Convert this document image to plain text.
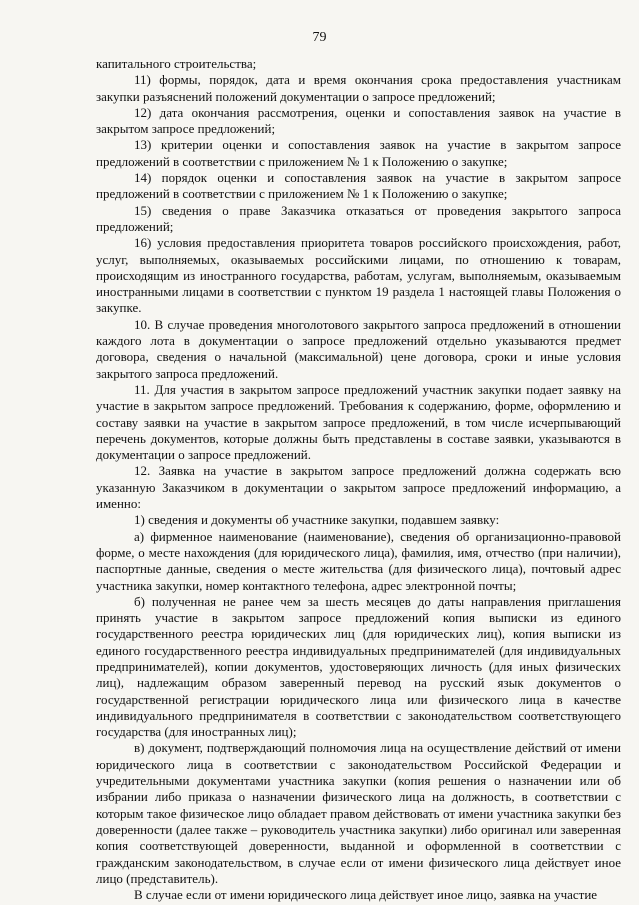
79

капитального строительства;

11) формы, порядок, дата и время окончания срока предоставления участникам закупки разъяснений положений документации о запросе предложений;

12) дата окончания рассмотрения, оценки и сопоставления заявок на участие в закрытом запросе предложений;

13) критерии оценки и сопоставления заявок на участие в закрытом запросе предложений в соответствии с приложением № 1 к Положению о закупке;

14) порядок оценки и сопоставления заявок на участие в закрытом запросе предложений в соответствии с приложением № 1 к Положению о закупке;

15) сведения о праве Заказчика отказаться от проведения закрытого запроса предложений;

16) условия предоставления приоритета товаров российского происхождения, работ, услуг, выполняемых, оказываемых российскими лицами, по отношению к товарам, происходящим из иностранного государства, работам, услугам, выполняемым, оказываемым иностранными лицами в соответствии с пунктом 19 раздела 1 настоящей главы Положения о закупке.

10. В случае проведения многолотового закрытого запроса предложений в отношении каждого лота в документации о запросе предложений отдельно указываются предмет договора, сведения о начальной (максимальной) цене договора, сроки и иные условия закрытого запроса предложений.

11. Для участия в закрытом запросе предложений участник закупки подает заявку на участие в закрытом запросе предложений. Требования к содержанию, форме, оформлению и составу заявки на участие в закрытом запросе предложений, в том числе исчерпывающий перечень документов, которые должны быть представлены в составе заявки, указываются в документации о запросе предложений.

12. Заявка на участие в закрытом запросе предложений должна содержать всю указанную Заказчиком в документации о закрытом запросе предложений информацию, а именно:

1) сведения и документы об участнике закупки, подавшем заявку:

а) фирменное наименование (наименование), сведения об организационно-правовой форме, о месте нахождения (для юридического лица), фамилия, имя, отчество (при наличии), паспортные данные, сведения о месте жительства (для физического лица), почтовый адрес участника закупки, номер контактного телефона, адрес электронной почты;

б) полученная не ранее чем за шесть месяцев до даты направления приглашения принять участие в закрытом запросе предложений копия выписки из единого государственного реестра юридических лиц (для юридических лиц), копия выписки из единого государственного реестра индивидуальных предпринимателей (для индивидуальных предпринимателей), копии документов, удостоверяющих личность (для иных физических лиц), надлежащим образом заверенный перевод на русский язык документов о государственной регистрации юридического лица или физического лица в качестве индивидуального предпринимателя в соответствии с законодательством соответствующего государства (для иностранных лиц);

в) документ, подтверждающий полномочия лица на осуществление действий от имени юридического лица в соответствии с законодательством Российской Федерации и учредительными документами участника закупки (копия решения о назначении или об избрании либо приказа о назначении физического лица на должность, в соответствии с которым такое физическое лицо обладает правом действовать от имени участника закупки без доверенности (далее также – руководитель участника закупки) либо оригинал или заверенная копия соответствующей доверенности, выданной и оформленной в соответствии с гражданским законодательством, в случае если от имени физического лица действует иное лицо (представитель).

В случае если от имени юридического лица действует иное лицо, заявка на участие
